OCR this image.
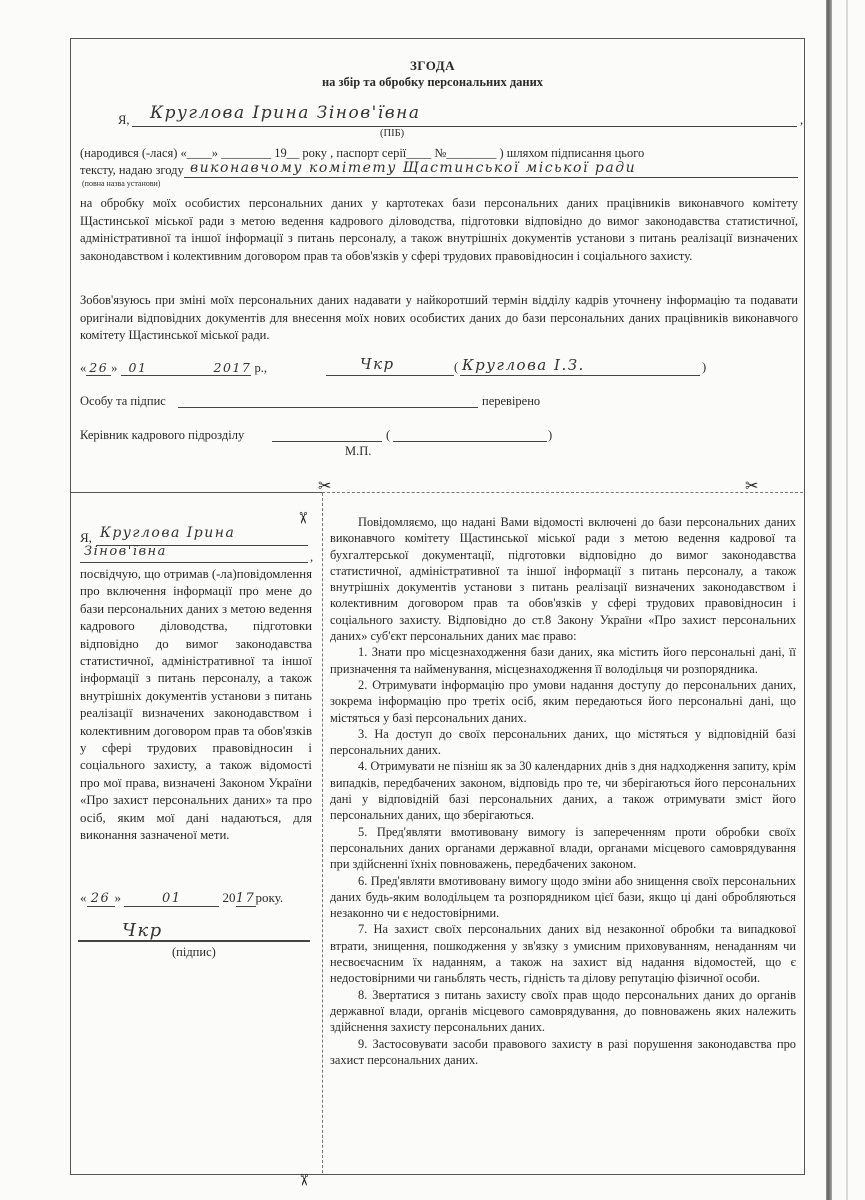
ЗГОДА
на збір та обробку персональних даних
Я, Круглова Ірина Зінов'ївна	,
(ПІБ)
(народився (-лася) «____» ________ 19__ року , паспорт серії____ №________ ) шляхом підписання цього
тексту, надаю згоду виконавчому комітету Щастинської міської ради
(повна назва установи)
на обробку моїх особистих персональних даних у картотеках бази персональних даних працівників виконавчого комітету Щастинської міської ради з метою ведення кадрового діловодства, підготовки відповідно до вимог законодавства статистичної, адміністративної та іншої інформації з питань персоналу, а також внутрішніх документів установи з питань реалізації визначених законодавством і колективним договором прав та обов'язків у сфері трудових правовідносин і соціального захисту.
Зобов'язуюсь при зміні моїх персональних даних надавати у найкоротший термін відділу кадрів уточнену інформацію та подавати оригінали відповідних документів для внесення моїх нових особистих даних до бази персональних даних працівників виконавчого комітету Щастинської міської ради.
« 26 » 01	2017 р.,	Чкр	( Круглова І.З.	)
Особу та підпис	перевірено
Керівник кадрового підрозділу	(	)
М.П.
✂	✂
✂
✂
Я, Круглова Ірина
Зінов'ївна	,
посвідчую, що отримав (-ла)повідомлення про включення інформації про мене до бази персональних даних з метою ведення кадрового діловодства, підготовки відповідно до вимог законодавства статистичної, адміністративної та іншої інформації з питань персоналу, а також внутрішніх документів установи з питань реалізації визначених законодавством і колективним договором прав та обов'язків у сфері трудових правовідносин і соціального захисту, а також відомості про мої права, визначені Законом України «Про захист персональних даних» та про осіб, яким мої дані надаються, для виконання зазначеної мети.
« 26 »	01	2017року.
Чкр
(підпис)

Повідомляємо, що надані Вами відомості включені до бази персональних даних виконавчого комітету Щастинської міської ради з метою ведення кадрової та бухгалтерської документації, підготовки відповідно до вимог законодавства статистичної, адміністративної та іншої інформації з питань персоналу, а також внутрішніх документів установи з питань реалізації визначених законодавством і колективним договором прав та обов'язків у сфері трудових правовідносин і соціального захисту. Відповідно до ст.8 Закону України «Про захист персональних даних» суб'єкт персональних даних має право:

1. Знати про місцезнаходження бази даних, яка містить його персональні дані, її призначення та найменування, місцезнаходження її володільця чи розпорядника.

2. Отримувати інформацію про умови надання доступу до персональних даних, зокрема інформацію про третіх осіб, яким передаються його персональні дані, що містяться у базі персональних даних.

3. На доступ до своїх персональних даних, що містяться у відповідній базі персональних даних.

4. Отримувати не пізніш як за 30 календарних днів з дня надходження запиту, крім випадків, передбачених законом, відповідь про те, чи зберігаються його персональних дані у відповідній базі персональних даних, а також отримувати зміст його персональних даних, що зберігаються.

5. Пред'являти вмотивовану вимогу із запереченням проти обробки своїх персональних даних органами державної влади, органами місцевого самоврядування при здійсненні їхніх повноважень, передбачених законом.

6. Пред'являти вмотивовану вимогу щодо зміни або знищення своїх персональних даних будь-яким володільцем та розпорядником цієї бази, якщо ці дані обробляються незаконно чи є недостовірними.

7. На захист своїх персональних даних від незаконної обробки та випадкової втрати, знищення, пошкодження у зв'язку з умисним приховуванням, ненаданням чи несвоєчасним їх наданням, а також на захист від надання відомостей, що є недостовірними чи ганьблять честь, гідність та ділову репутацію фізичної особи.

8. Звертатися з питань захисту своїх прав щодо персональних даних до органів державної влади, органів місцевого самоврядування, до повноважень яких належить здійснення захисту персональних даних.

9. Застосовувати засоби правового захисту в разі порушення законодавства про захист персональних даних.
